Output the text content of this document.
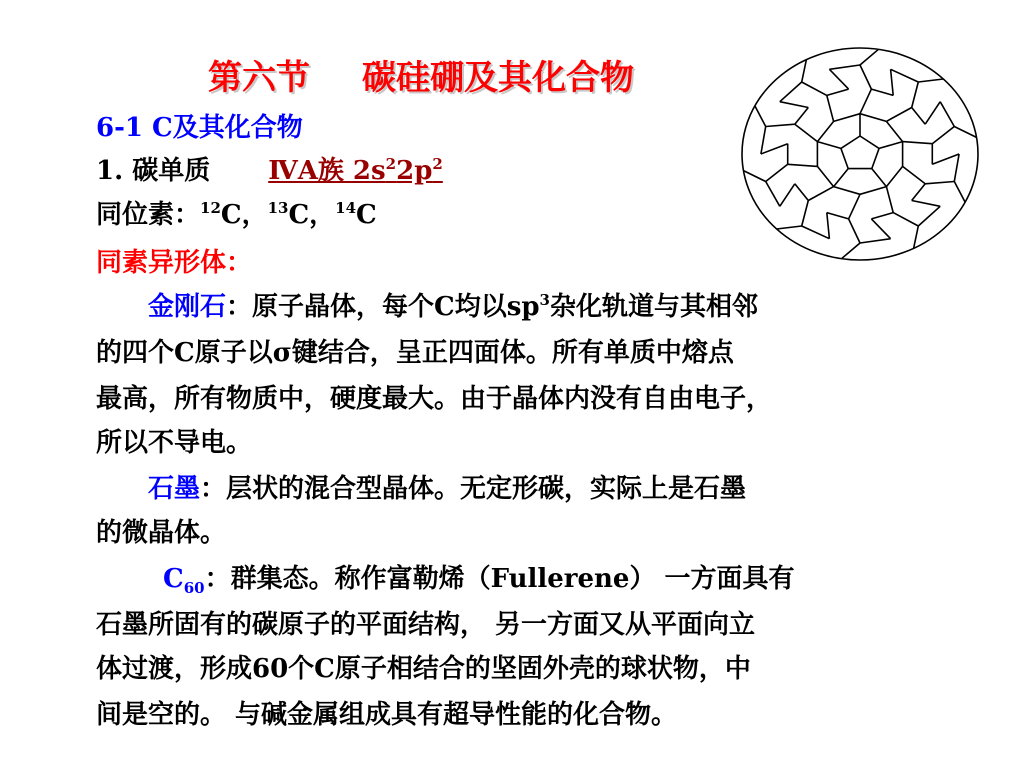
第六节 碳硅硼及其化合物
6-1 C及其化合物
1. 碳单质 ⅣA族 $2s^22p^2$
同位素：$^{12}$C，$^{13}$C，$^{14}$C
同素异形体：
金刚石：原子晶体，每个C均以$sp^3$杂化轨道与其相邻
的四个C原子以σ键结合，呈正四面体。所有单质中熔点
最高，所有物质中，硬度最大。由于晶体内没有自由电子，
所以不导电。
石墨：层状的混合型晶体。无定形碳，实际上是石墨
的微晶体。
$C_{60}$：群集态。称作富勒烯（Fullerene） 一方面具有
石墨所固有的碳原子的平面结构， 另一方面又从平面向立
体过渡，形成60个C原子相结合的坚固外壳的球状物，中
间是空的。 与碱金属组成具有超导性能的化合物。
